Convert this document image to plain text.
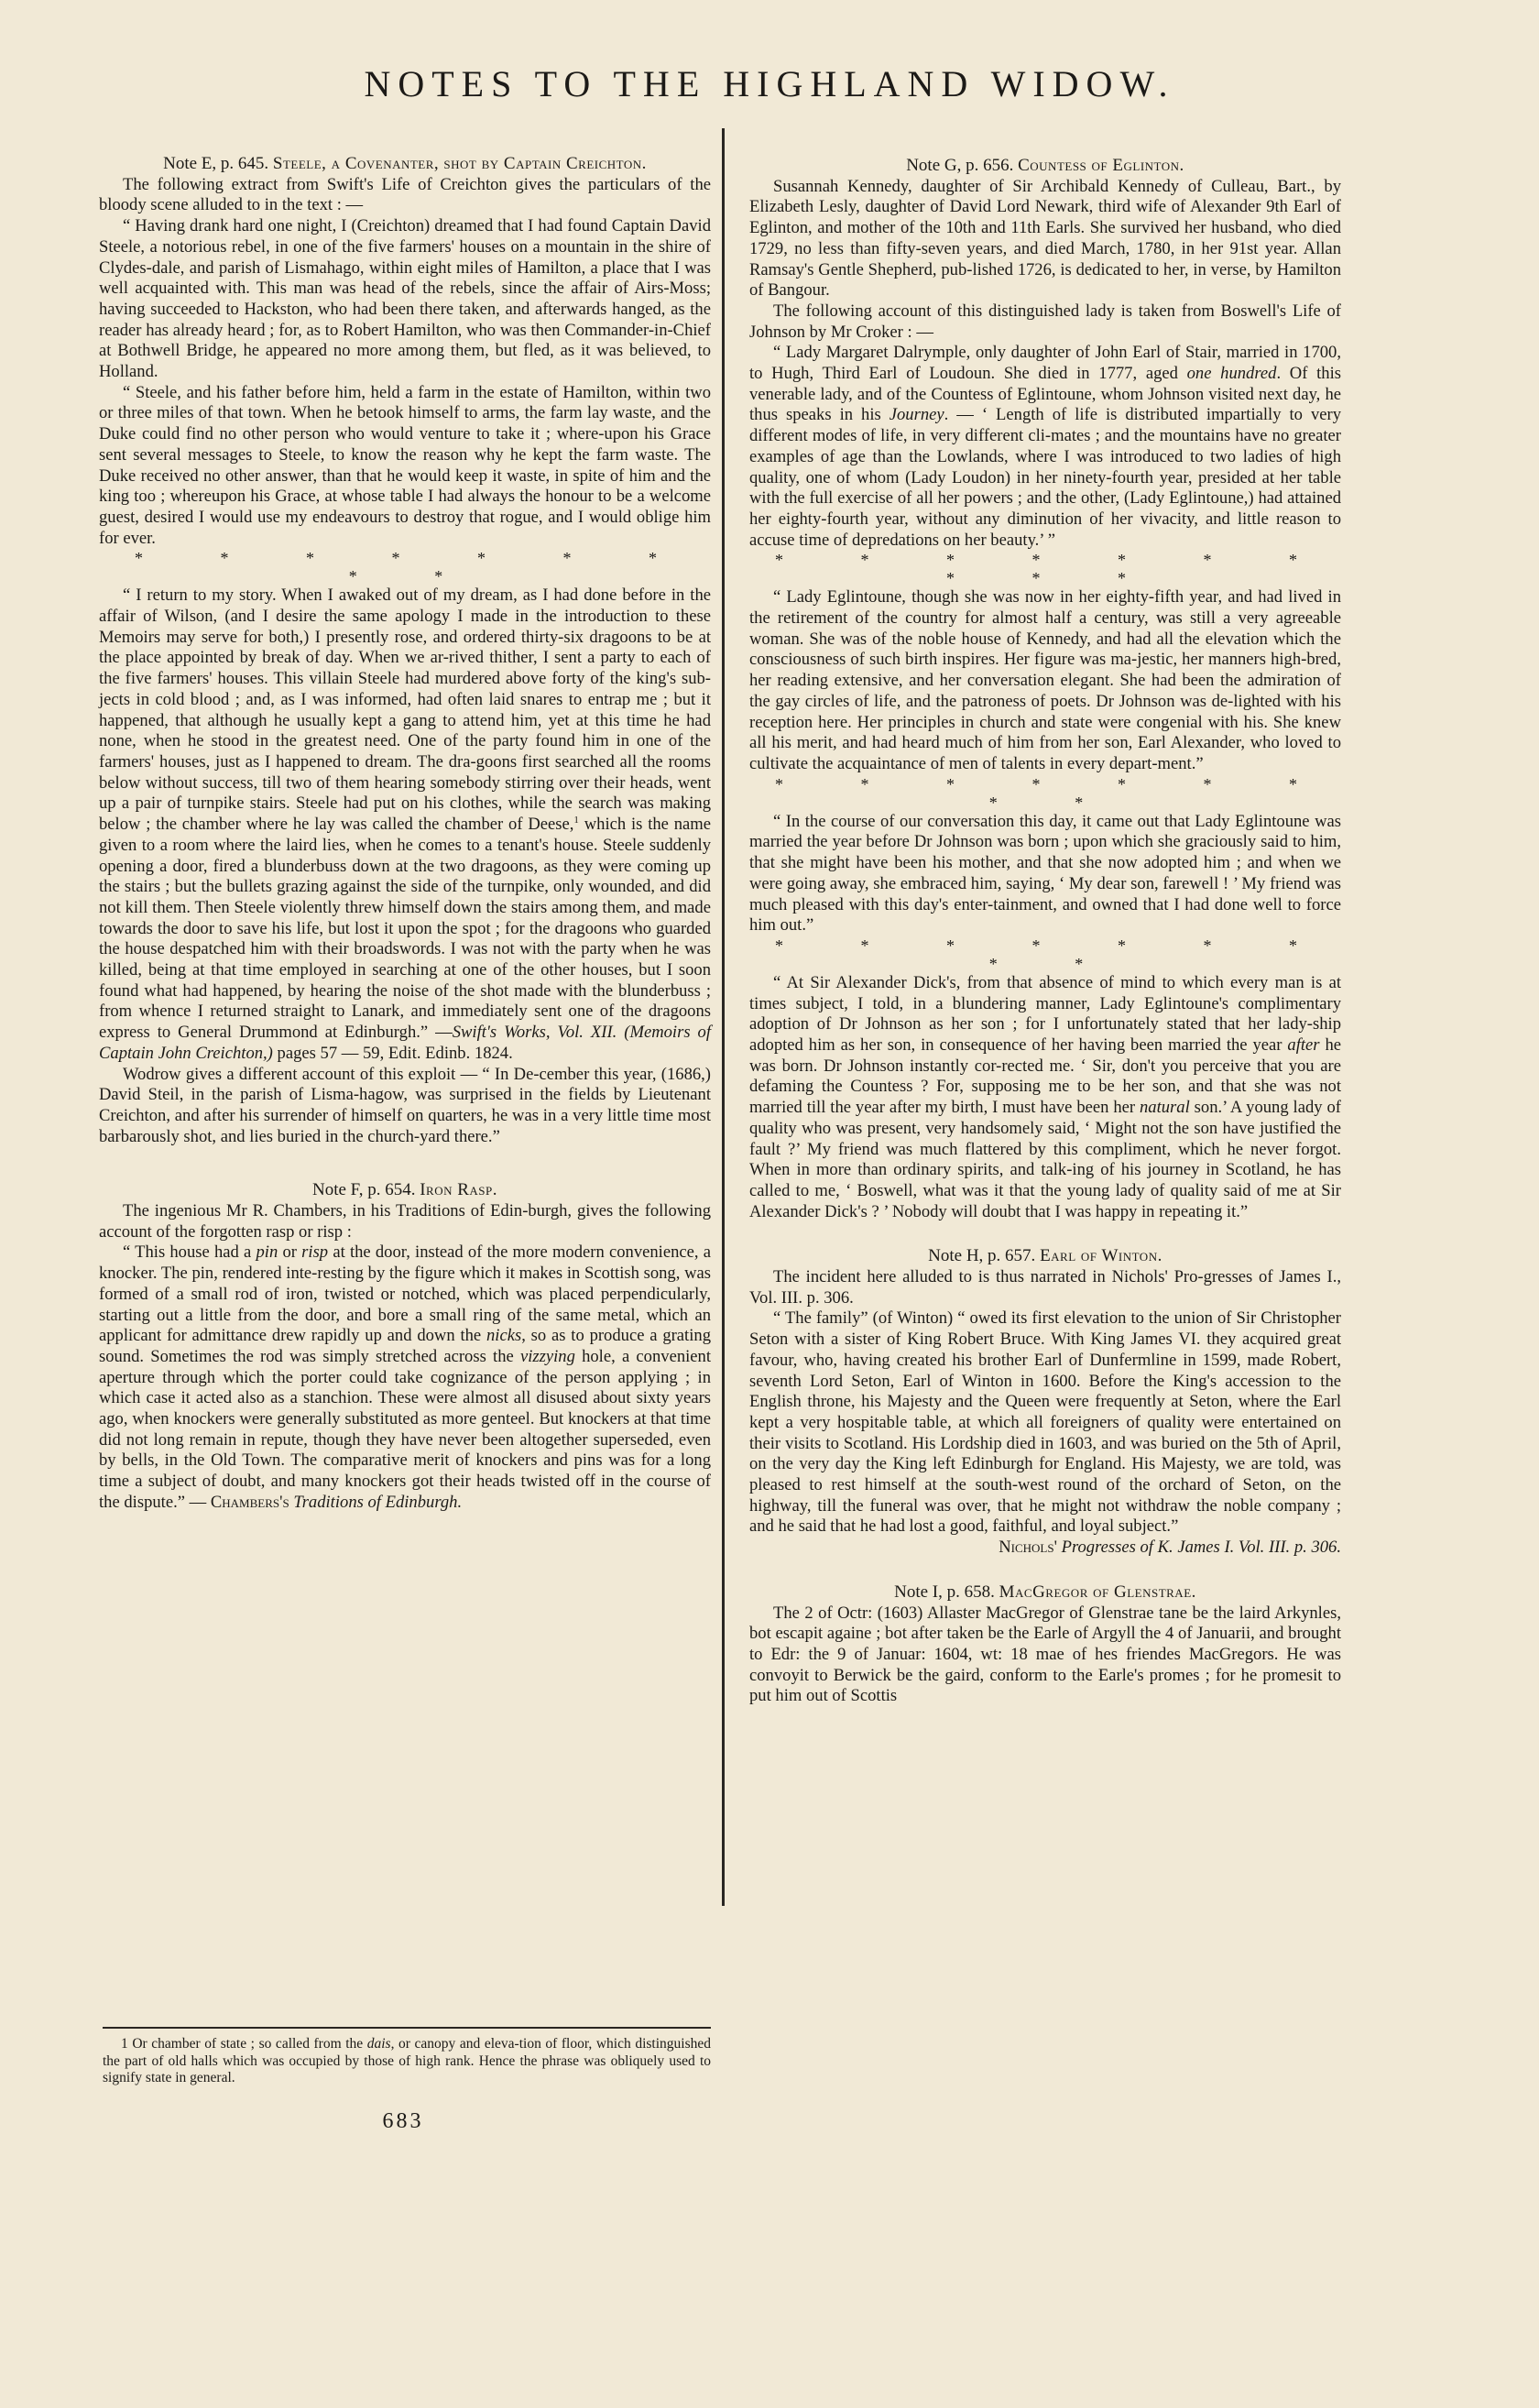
NOTES TO THE HIGHLAND WIDOW.

Note E, p. 645. Steele, a Covenanter, shot by Captain Creichton.

The following extract from Swift's Life of Creichton gives the particulars of the bloody scene alluded to in the text : —

“ Having drank hard one night, I (Creichton) dreamed that I had found Captain David Steele, a notorious rebel, in one of the five farmers' houses on a mountain in the shire of Clydes-dale, and parish of Lismahago, within eight miles of Hamilton, a place that I was well acquainted with. This man was head of the rebels, since the affair of Airs-Moss; having succeeded to Hackston, who had been there taken, and afterwards hanged, as the reader has already heard ; for, as to Robert Hamilton, who was then Commander-in-Chief at Bothwell Bridge, he appeared no more among them, but fled, as it was believed, to Holland.

“ Steele, and his father before him, held a farm in the estate of Hamilton, within two or three miles of that town. When he betook himself to arms, the farm lay waste, and the Duke could find no other person who would venture to take it ; where-upon his Grace sent several messages to Steele, to know the reason why he kept the farm waste. The Duke received no other answer, than that he would keep it waste, in spite of him and the king too ; whereupon his Grace, at whose table I had always the honour to be a welcome guest, desired I would use my endeavours to destroy that rogue, and I would oblige him for ever.

* * * * * * * * *

“ I return to my story. When I awaked out of my dream, as I had done before in the affair of Wilson, (and I desire the same apology I made in the introduction to these Memoirs may serve for both,) I presently rose, and ordered thirty-six dragoons to be at the place appointed by break of day. When we ar-rived thither, I sent a party to each of the five farmers' houses. This villain Steele had murdered above forty of the king's sub-jects in cold blood ; and, as I was informed, had often laid snares to entrap me ; but it happened, that although he usually kept a gang to attend him, yet at this time he had none, when he stood in the greatest need. One of the party found him in one of the farmers' houses, just as I happened to dream. The dra-goons first searched all the rooms below without success, till two of them hearing somebody stirring over their heads, went up a pair of turnpike stairs. Steele had put on his clothes, while the search was making below ; the chamber where he lay was called the chamber of Deese,$^1$ which is the name given to a room where the laird lies, when he comes to a tenant's house. Steele suddenly opening a door, fired a blunderbuss down at the two dragoons, as they were coming up the stairs ; but the bullets grazing against the side of the turnpike, only wounded, and did not kill them. Then Steele violently threw himself down the stairs among them, and made towards the door to save his life, but lost it upon the spot ; for the dragoons who guarded the house despatched him with their broadswords. I was not with the party when he was killed, being at that time employed in searching at one of the other houses, but I soon found what had happened, by hearing the noise of the shot made with the blunderbuss ; from whence I returned straight to Lanark, and immediately sent one of the dragoons express to General Drummond at Edinburgh.” —Swift's Works, Vol. XII. (Memoirs of Captain John Creichton,) pages 57 — 59, Edit. Edinb. 1824.

Wodrow gives a different account of this exploit — “ In De-cember this year, (1686,) David Steil, in the parish of Lisma-hagow, was surprised in the fields by Lieutenant Creichton, and after his surrender of himself on quarters, he was in a very little time most barbarously shot, and lies buried in the church-yard there.”

Note F, p. 654. Iron Rasp.

The ingenious Mr R. Chambers, in his Traditions of Edin-burgh, gives the following account of the forgotten rasp or risp :

“ This house had a pin or risp at the door, instead of the more modern convenience, a knocker. The pin, rendered inte-resting by the figure which it makes in Scottish song, was formed of a small rod of iron, twisted or notched, which was placed perpendicularly, starting out a little from the door, and bore a small ring of the same metal, which an applicant for admittance drew rapidly up and down the nicks, so as to produce a grating sound. Sometimes the rod was simply stretched across the vizzying hole, a convenient aperture through which the porter could take cognizance of the person applying ; in which case it acted also as a stanchion. These were almost all disused about sixty years ago, when knockers were generally substituted as more genteel. But knockers at that time did not long remain in repute, though they have never been altogether superseded, even by bells, in the Old Town. The comparative merit of knockers and pins was for a long time a subject of doubt, and many knockers got their heads twisted off in the course of the dispute.” — Chambers's Traditions of Edinburgh.

1 Or chamber of state ; so called from the dais, or canopy and eleva-tion of floor, which distinguished the part of old halls which was occupied by those of high rank. Hence the phrase was obliquely used to signify state in general.
683

Note G, p. 656. Countess of Eglinton.

Susannah Kennedy, daughter of Sir Archibald Kennedy of Culleau, Bart., by Elizabeth Lesly, daughter of David Lord Newark, third wife of Alexander 9th Earl of Eglinton, and mother of the 10th and 11th Earls. She survived her husband, who died 1729, no less than fifty-seven years, and died March, 1780, in her 91st year. Allan Ramsay's Gentle Shepherd, pub-lished 1726, is dedicated to her, in verse, by Hamilton of Bangour.

The following account of this distinguished lady is taken from Boswell's Life of Johnson by Mr Croker : —

“ Lady Margaret Dalrymple, only daughter of John Earl of Stair, married in 1700, to Hugh, Third Earl of Loudoun. She died in 1777, aged one hundred. Of this venerable lady, and of the Countess of Eglintoune, whom Johnson visited next day, he thus speaks in his Journey. — ‘ Length of life is distributed impartially to very different modes of life, in very different cli-mates ; and the mountains have no greater examples of age than the Lowlands, where I was introduced to two ladies of high quality, one of whom (Lady Loudon) in her ninety-fourth year, presided at her table with the full exercise of all her powers ; and the other, (Lady Eglintoune,) had attained her eighty-fourth year, without any diminution of her vivacity, and little reason to accuse time of depredations on her beauty.’ ”

* * * * * * * * * *

“ Lady Eglintoune, though she was now in her eighty-fifth year, and had lived in the retirement of the country for almost half a century, was still a very agreeable woman. She was of the noble house of Kennedy, and had all the elevation which the consciousness of such birth inspires. Her figure was ma-jestic, her manners high-bred, her reading extensive, and her conversation elegant. She had been the admiration of the gay circles of life, and the patroness of poets. Dr Johnson was de-lighted with his reception here. Her principles in church and state were congenial with his. She knew all his merit, and had heard much of him from her son, Earl Alexander, who loved to cultivate the acquaintance of men of talents in every depart-ment.”

* * * * * * * * *

“ In the course of our conversation this day, it came out that Lady Eglintoune was married the year before Dr Johnson was born ; upon which she graciously said to him, that she might have been his mother, and that she now adopted him ; and when we were going away, she embraced him, saying, ‘ My dear son, farewell ! ’ My friend was much pleased with this day's enter-tainment, and owned that I had done well to force him out.”

* * * * * * * * *

“ At Sir Alexander Dick's, from that absence of mind to which every man is at times subject, I told, in a blundering manner, Lady Eglintoune's complimentary adoption of Dr Johnson as her son ; for I unfortunately stated that her lady-ship adopted him as her son, in consequence of her having been married the year after he was born. Dr Johnson instantly cor-rected me. ‘ Sir, don't you perceive that you are defaming the Countess ? For, supposing me to be her son, and that she was not married till the year after my birth, I must have been her natural son.’ A young lady of quality who was present, very handsomely said, ‘ Might not the son have justified the fault ?’ My friend was much flattered by this compliment, which he never forgot. When in more than ordinary spirits, and talk-ing of his journey in Scotland, he has called to me, ‘ Boswell, what was it that the young lady of quality said of me at Sir Alexander Dick's ? ’ Nobody will doubt that I was happy in repeating it.”

Note H, p. 657. Earl of Winton.

The incident here alluded to is thus narrated in Nichols' Pro-gresses of James I., Vol. III. p. 306.

“ The family” (of Winton) “ owed its first elevation to the union of Sir Christopher Seton with a sister of King Robert Bruce. With King James VI. they acquired great favour, who, having created his brother Earl of Dunfermline in 1599, made Robert, seventh Lord Seton, Earl of Winton in 1600. Before the King's accession to the English throne, his Majesty and the Queen were frequently at Seton, where the Earl kept a very hospitable table, at which all foreigners of quality were entertained on their visits to Scotland. His Lordship died in 1603, and was buried on the 5th of April, on the very day the King left Edinburgh for England. His Majesty, we are told, was pleased to rest himself at the south-west round of the orchard of Seton, on the highway, till the funeral was over, that he might not withdraw the noble company ; and he said that he had lost a good, faithful, and loyal subject.”

Nichols' Progresses of K. James I. Vol. III. p. 306.

Note I, p. 658. MacGregor of Glenstrae.

The 2 of Octr: (1603) Allaster MacGregor of Glenstrae tane be the laird Arkynles, bot escapit againe ; bot after taken be the Earle of Argyll the 4 of Januarii, and brought to Edr: the 9 of Januar: 1604, wt: 18 mae of hes friendes MacGregors. He was convoyit to Berwick be the gaird, conform to the Earle's promes ; for he promesit to put him out of Scottis
